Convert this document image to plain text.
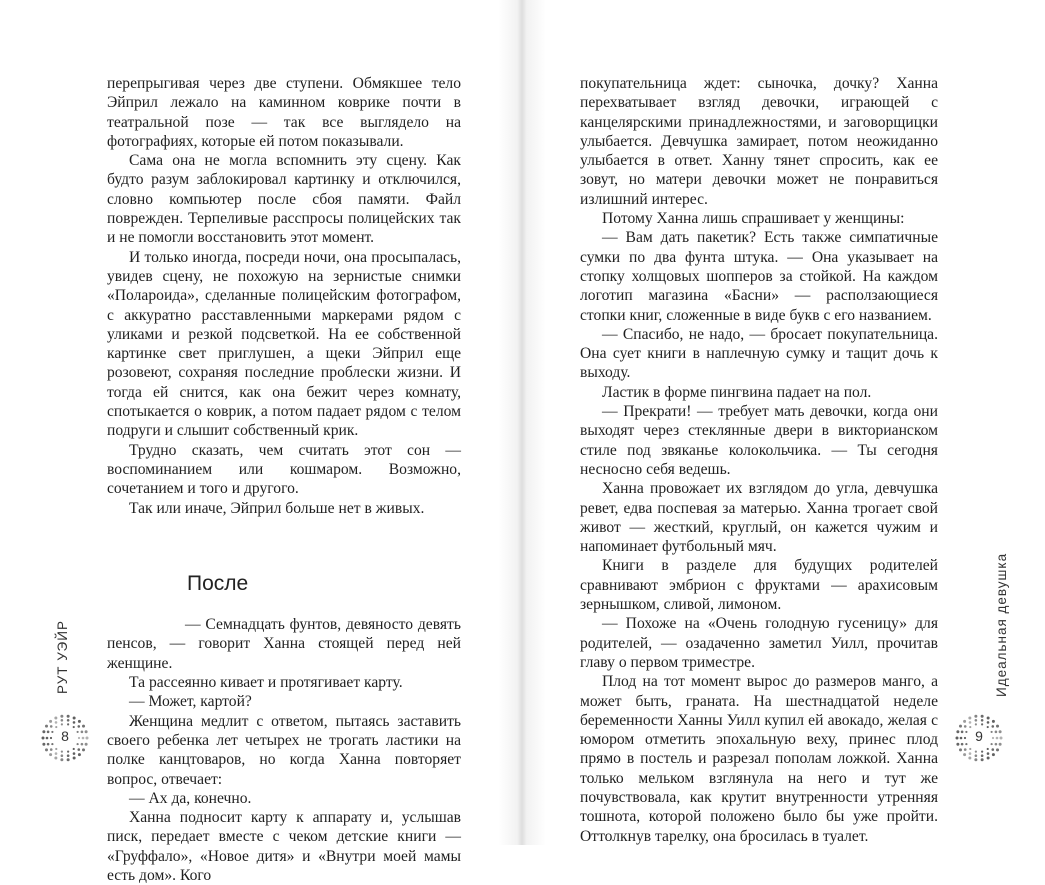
перепрыгивая через две ступени. Обмякшее тело Эйприл лежало на каминном коврике почти в театральной позе — так все выглядело на фотографиях, которые ей потом показывали.

Сама она не могла вспомнить эту сцену. Как будто разум заблокировал картинку и отключился, словно компьютер после сбоя памяти. Файл поврежден. Терпеливые расспросы полицейских так и не помогли восстановить этот момент.

И только иногда, посреди ночи, она просыпалась, увидев сцену, не похожую на зернистые снимки «Полароида», сделанные полицейским фотографом, с аккуратно расставленными маркерами рядом с уликами и резкой подсветкой. На ее собственной картинке свет приглушен, а щеки Эйприл еще розовеют, сохраняя последние проблески жизни. И тогда ей снится, как она бежит через комнату, спотыкается о коврик, а потом падает рядом с телом подруги и слышит собственный крик.

Трудно сказать, чем считать этот сон — воспоминанием или кошмаром. Возможно, сочетанием и того и другого.

Так или иначе, Эйприл больше нет в живых.

После

— Семнадцать фунтов, девяносто девять пенсов, — говорит Ханна стоящей перед ней женщине.

Та рассеянно кивает и протягивает карту.

— Может, картой?

Женщина медлит с ответом, пытаясь заставить своего ребенка лет четырех не трогать ластики на полке канцтоваров, но когда Ханна повторяет вопрос, отвечает:

— Ах да, конечно.

Ханна подносит карту к аппарату и, услышав писк, передает вместе с чеком детские книги — «Груффало», «Новое дитя» и «Внутри моей мамы есть дом». Кого

РУТ УЭЙР
8

покупательница ждет: сыночка, дочку? Ханна перехватывает взгляд девочки, играющей с канцелярскими принадлежностями, и заговорщицки улыбается. Девчушка замирает, потом неожиданно улыбается в ответ. Ханну тянет спросить, как ее зовут, но матери девочки может не понравиться излишний интерес.

Потому Ханна лишь спрашивает у женщины:

— Вам дать пакетик? Есть также симпатичные сумки по два фунта штука. — Она указывает на стопку холщовых шопперов за стойкой. На каждом логотип магазина «Басни» — расползающиеся стопки книг, сложенные в виде букв с его названием.

— Спасибо, не надо, — бросает покупательница. Она сует книги в наплечную сумку и тащит дочь к выходу.

Ластик в форме пингвина падает на пол.

— Прекрати! — требует мать девочки, когда они выходят через стеклянные двери в викторианском стиле под звяканье колокольчика. — Ты сегодня несносно себя ведешь.

Ханна провожает их взглядом до угла, девчушка ревет, едва поспевая за матерью. Ханна трогает свой живот — жесткий, круглый, он кажется чужим и напоминает футбольный мяч.

Книги в разделе для будущих родителей сравнивают эмбрион с фруктами — арахисовым зернышком, сливой, лимоном.

— Похоже на «Очень голодную гусеницу» для родителей, — озадаченно заметил Уилл, прочитав главу о первом триместре.

Плод на тот момент вырос до размеров манго, а может быть, граната. На шестнадцатой неделе беременности Ханны Уилл купил ей авокадо, желая с юмором отметить эпохальную веху, принес плод прямо в постель и разрезал пополам ложкой. Ханна только мельком взглянула на него и тут же почувствовала, как крутит внутренности утренняя тошнота, которой положено было бы уже пройти. Оттолкнув тарелку, она бросилась в туалет.

Идеальная девушка
9
